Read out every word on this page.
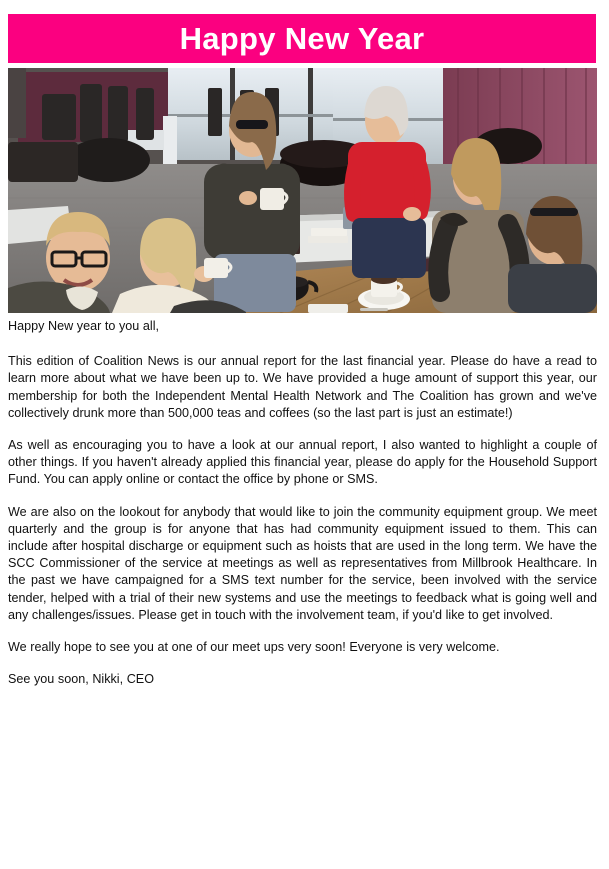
Happy New Year

Happy New year to you all,

This edition of Coalition News is our annual report for the last financial year. Please do have a read to learn more about what we have been up to. We have provided a huge amount of support this year, our membership for both the Independent Mental Health Network and The Coalition has grown and we've collectively drunk more than 500,000 teas and coffees (so the last part is just an estimate!)

As well as encouraging you to have a look at our annual report, I also wanted to highlight a couple of other things. If you haven't already applied this financial year, please do apply for the Household Support Fund. You can apply online or contact the office by phone or SMS.

We are also on the lookout for anybody that would like to join the community equipment group. We meet quarterly and the group is for anyone that has had community equipment issued to them. This can include after hospital discharge or equipment such as hoists that are used in the long term. We have the SCC Commissioner of the service at meetings as well as representatives from Millbrook Healthcare. In the past we have campaigned for a SMS text number for the service, been involved with the service tender, helped with a trial of their new systems and use the meetings to feedback what is going well and any challenges/issues. Please get in touch with the involvement team, if you'd like to get involved.

We really hope to see you at one of our meet ups very soon! Everyone is very welcome.

See you soon, Nikki, CEO
